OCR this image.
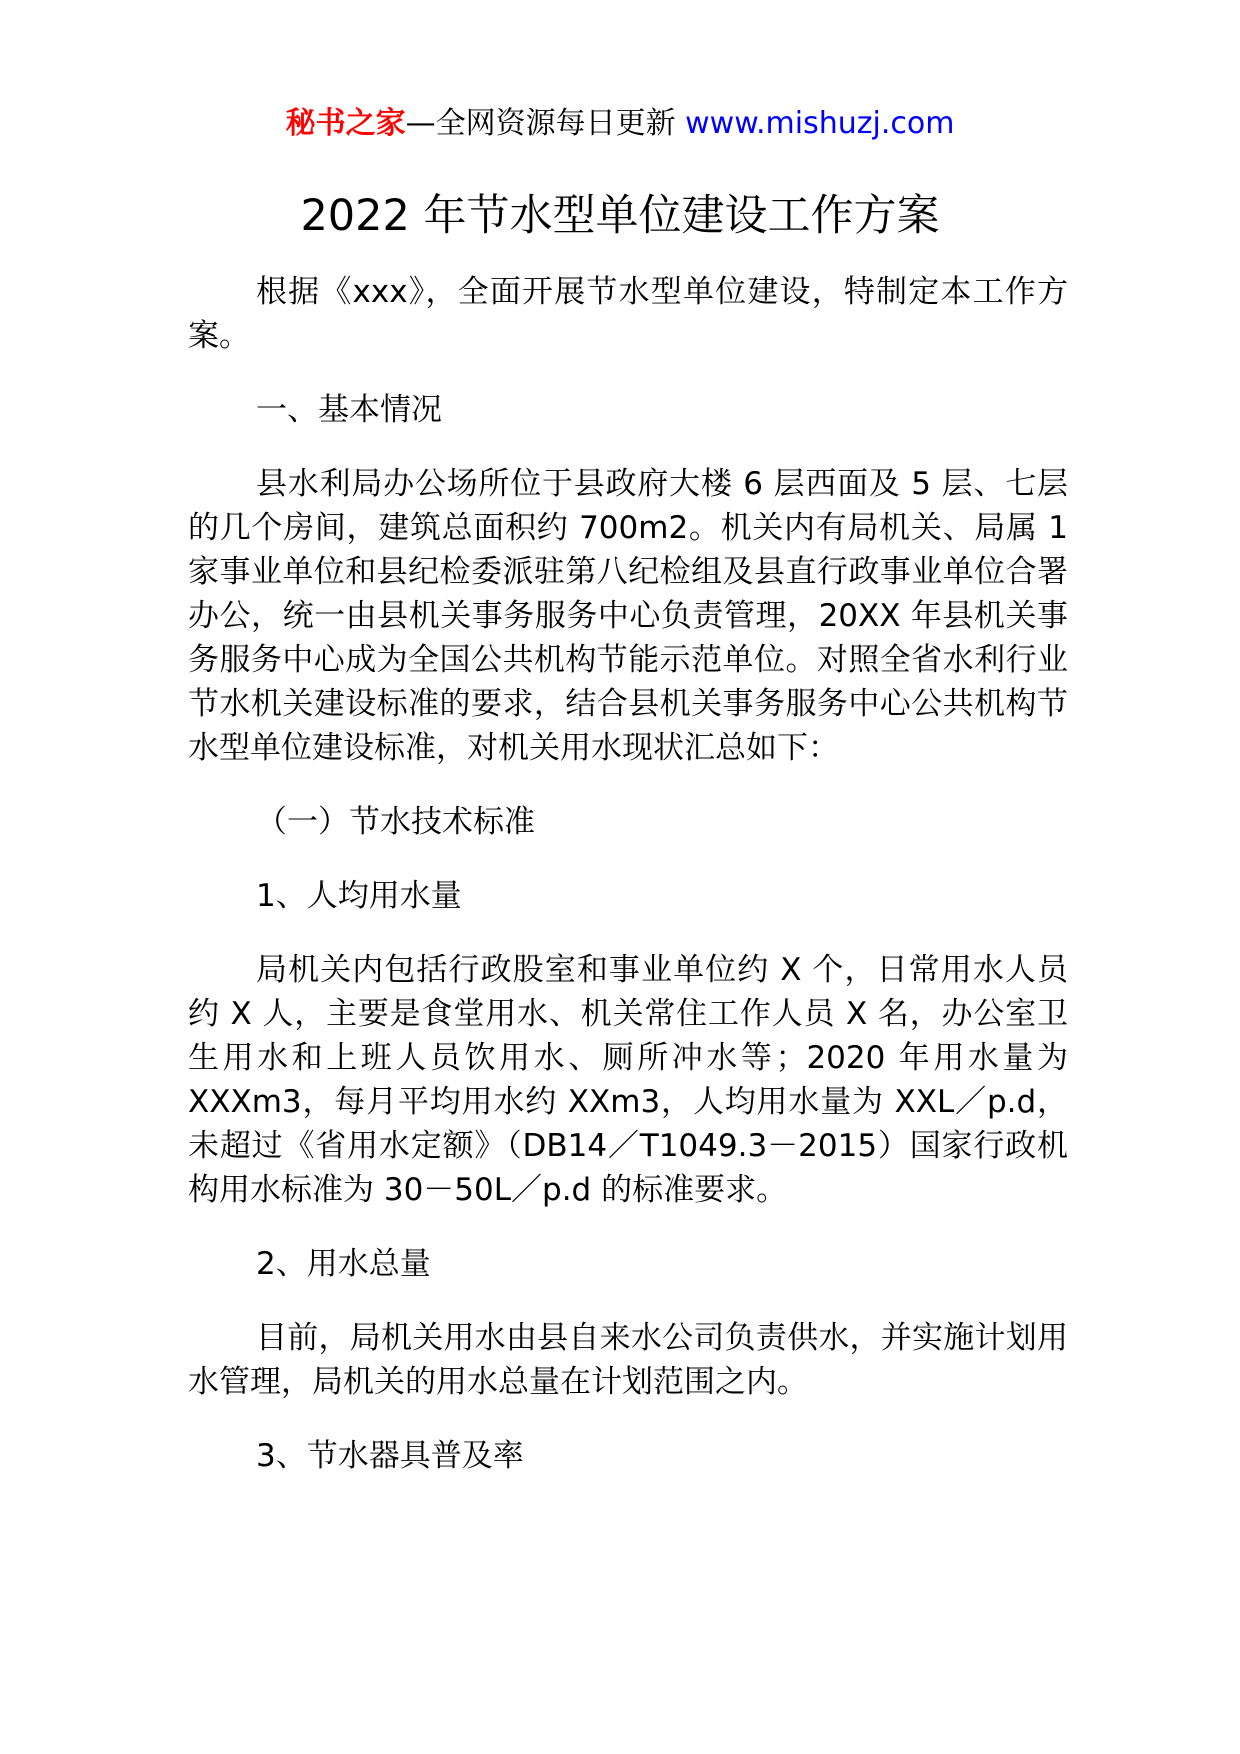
秘书之家—全网资源每日更新 www.mishuzj.com
2022 年节水型单位建设工作方案

根据《xxx》，全面开展节水型单位建设，特制定本工作方案。

一、基本情况

县水利局办公场所位于县政府大楼 6 层西面及 5 层、七层的几个房间，建筑总面积约 700m2。机关内有局机关、局属 1 家事业单位和县纪检委派驻第八纪检组及县直行政事业单位合署办公，统一由县机关事务服务中心负责管理，20XX 年县机关事务服务中心成为全国公共机构节能示范单位。对照全省水利行业节水机关建设标准的要求，结合县机关事务服务中心公共机构节水型单位建设标准，对机关用水现状汇总如下：

（一）节水技术标准

1、人均用水量

局机关内包括行政股室和事业单位约 X 个，日常用水人员约 X 人，主要是食堂用水、机关常住工作人员 X 名，办公室卫生用水和上班人员饮用水、厕所冲水等；2020 年用水量为 XXXm3，每月平均用水约 XXm3，人均用水量为 XXL／p.d，未超过《省用水定额》（DB14／T1049.3－2015）国家行政机构用水标准为 30－50L／p.d 的标准要求。

2、用水总量

目前，局机关用水由县自来水公司负责供水，并实施计划用水管理，局机关的用水总量在计划范围之内。

3、节水器具普及率
